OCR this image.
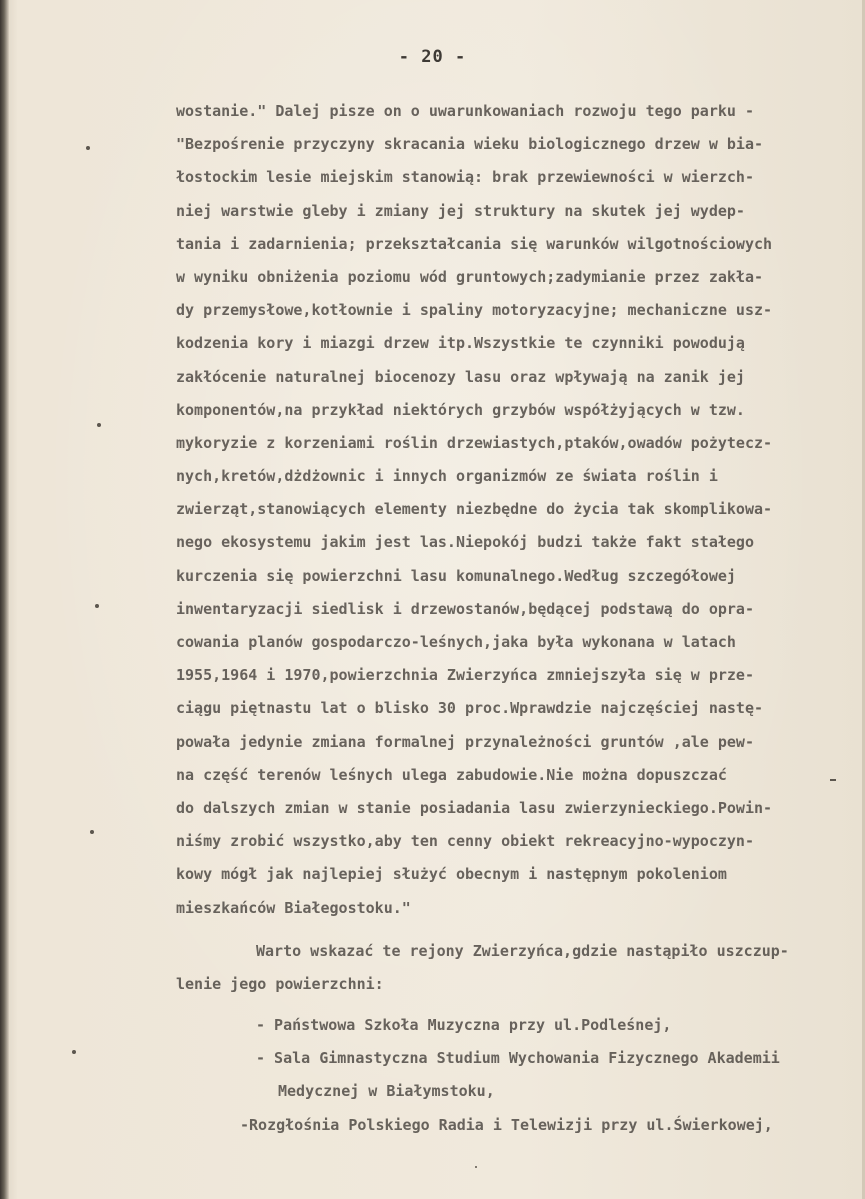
- 20 -
wostanie." Dalej pisze on o uwarunkowaniach rozwoju tego parku -
"Bezpośrenie przyczyny skracania wieku biologicznego drzew w bia-
łostockim lesie miejskim stanowią: brak przewiewności w wierzch-
niej warstwie gleby i zmiany jej struktury na skutek jej wydep-
tania i zadarnienia; przekształcania się warunków wilgotnościowych
w wyniku obniżenia poziomu wód gruntowych;zadymianie przez zakła-
dy przemysłowe,kotłownie i spaliny motoryzacyjne; mechaniczne usz-
kodzenia kory i miazgi drzew itp.Wszystkie te czynniki powodują
zakłócenie naturalnej biocenozy lasu oraz wpływają na zanik jej
komponentów,na przykład niektórych grzybów współżyjących w tzw.
mykoryzie z korzeniami roślin drzewiastych,ptaków,owadów pożytecz-
nych,kretów,dżdżownic i innych organizmów ze świata roślin i
zwierząt,stanowiących elementy niezbędne do życia tak skomplikowa-
nego ekosystemu jakim jest las.Niepokój budzi także fakt stałego
kurczenia się powierzchni lasu komunalnego.Według szczegółowej
inwentaryzacji siedlisk i drzewostanów,będącej podstawą do opra-
cowania planów gospodarczo-leśnych,jaka była wykonana w latach
1955,1964 i 1970,powierzchnia Zwierzyńca zmniejszyła się w prze-
ciągu piętnastu lat o blisko 30 proc.Wprawdzie najczęściej nastę-
powała jedynie zmiana formalnej przynależności gruntów ,ale pew-
na część terenów leśnych ulega zabudowie.Nie można dopuszczać
do dalszych zmian w stanie posiadania lasu zwierzynieckiego.Powin-
niśmy zrobić wszystko,aby ten cenny obiekt rekreacyjno-wypoczyn-
kowy mógł jak najlepiej służyć obecnym i następnym pokoleniom
mieszkańców Białegostoku."
Warto wskazać te rejony Zwierzyńca,gdzie nastąpiło uszczup-
lenie jego powierzchni:
- Państwowa Szkoła Muzyczna przy ul.Podleśnej,
- Sala Gimnastyczna Studium Wychowania Fizycznego Akademii
Medycznej w Białymstoku,
-Rozgłośnia Polskiego Radia i Telewizji przy ul.Świerkowej,
